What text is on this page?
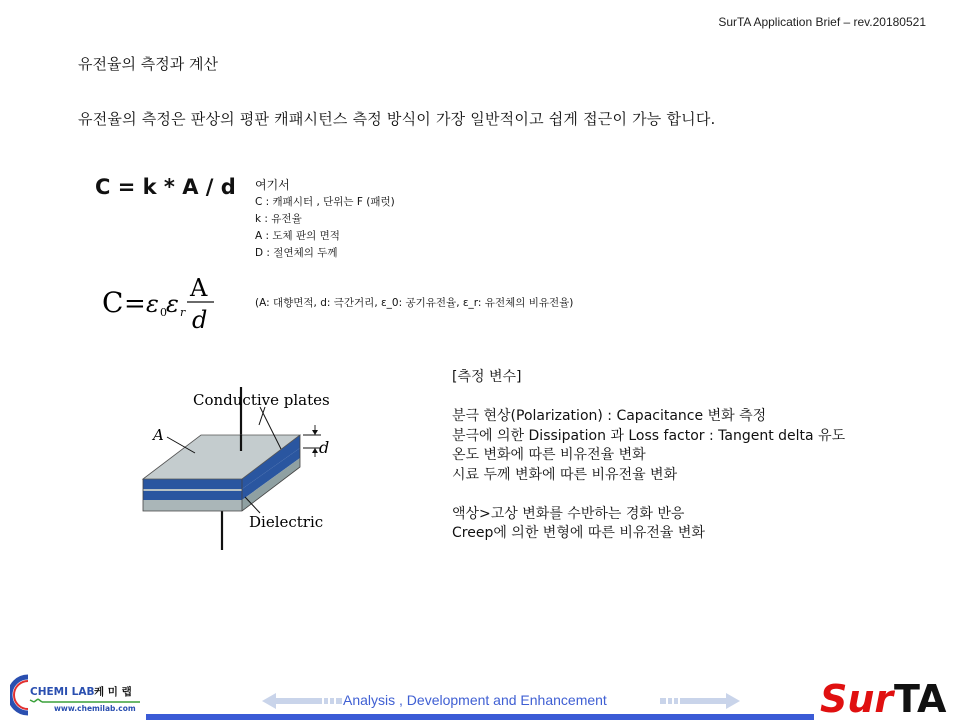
SurTA Application Brief – rev.20180521
유전율의 측정과 계산
유전율의 측정은 판상의 평판 캐패시턴스 측정 방식이 가장 일반적이고 쉽게 접근이 가능 합니다.
C = k * A / d 여기서
C : 캐패시터 , 단위는 F (패럿)
k : 유전율
A : 도체 판의 면적
D : 절연체의 두께
C = ε 0 ε r
A
d
(A: 대향면적, d: 극간거리, ε_0: 공기유전율, ε_r: 유전체의 비유전율)
Conductive plates
A
d
Dielectric
[측정 변수]
분극 현상(Polarization) : Capacitance 변화 측정
분극에 의한 Dissipation 과 Loss factor : Tangent delta 유도
온도 변화에 따른 비유전율 변화
시료 두께 변화에 따른 비유전율 변화
액상>고상 변화를 수반하는 경화 반응
Creep에 의한 변형에 따른 비유전율 변화
CHEMI LAB 케 미 랩
www.chemilab.com
Analysis , Development and Enhancement	Sur TA
